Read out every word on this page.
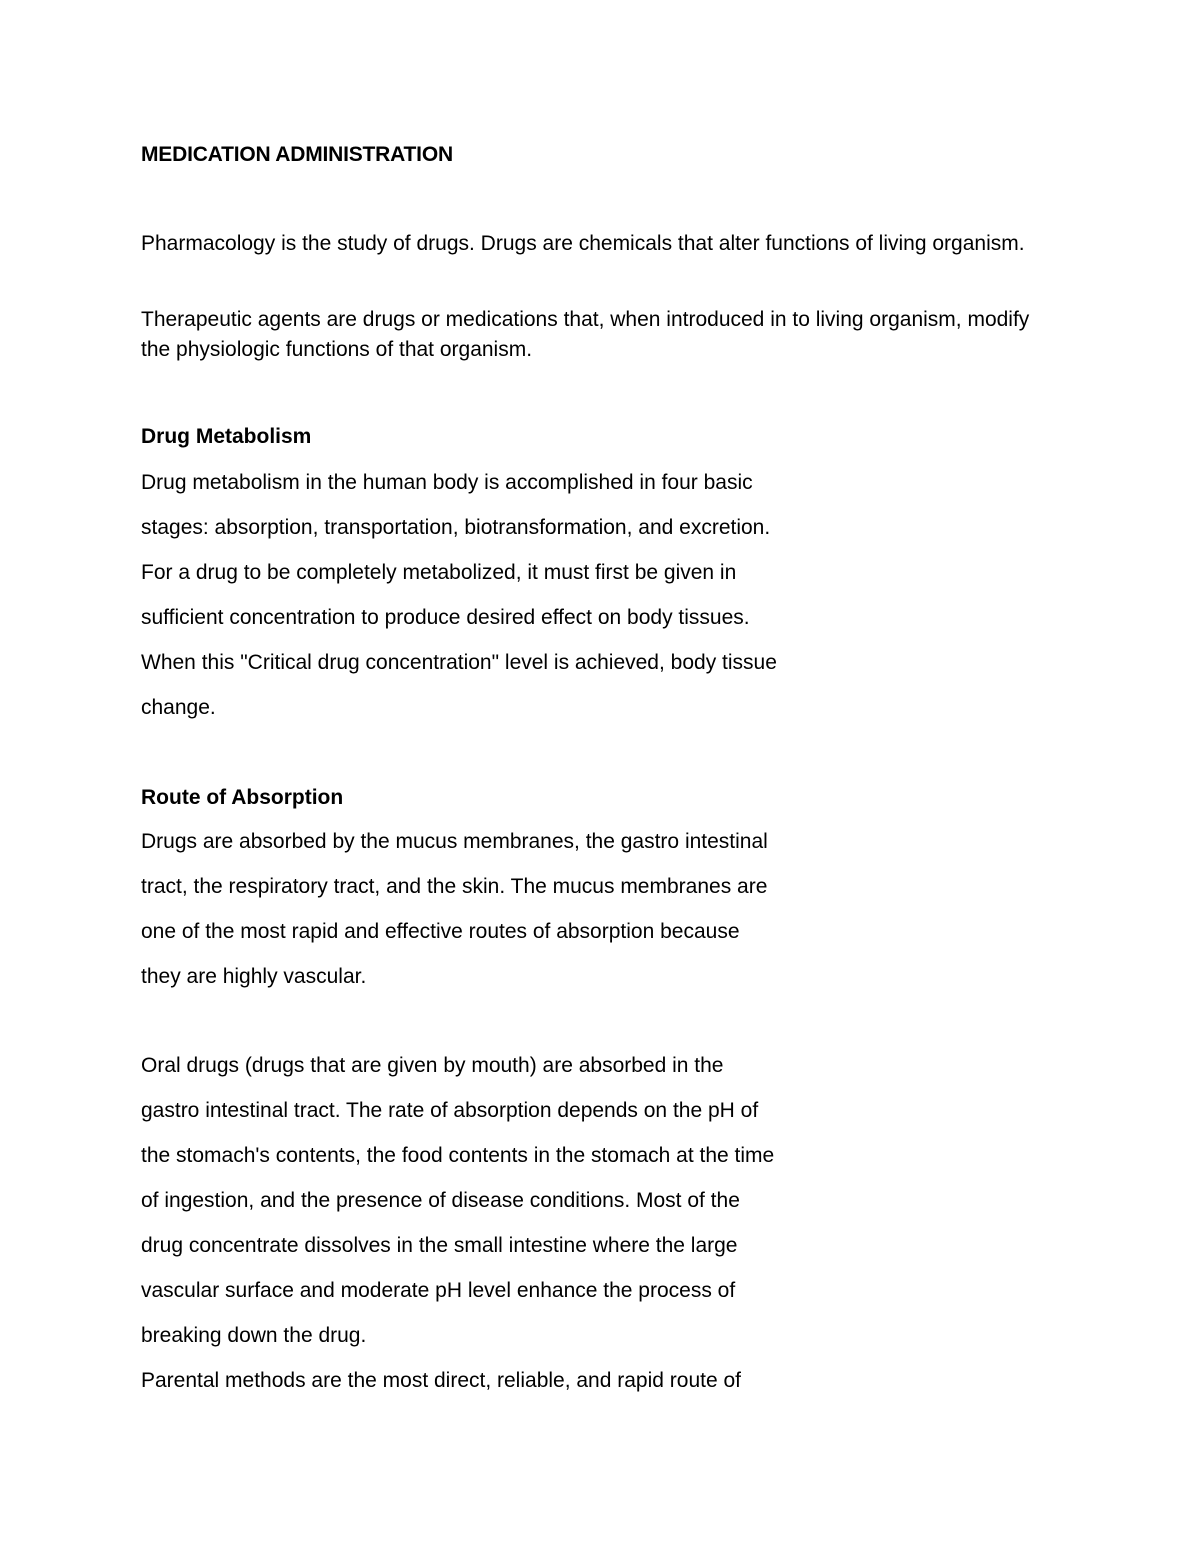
MEDICATION ADMINISTRATION

Pharmacology is the study of drugs. Drugs are chemicals that alter functions of living organism.

Therapeutic agents are drugs or medications that, when introduced in to living organism, modify the physiologic functions of that organism.

Drug Metabolism
Drug metabolism in the human body is accomplished in four basic
stages: absorption, transportation, biotransformation, and excretion.
For a drug to be completely metabolized, it must first be given in
sufficient concentration to produce desired effect on body tissues.
When this "Critical drug concentration" level is achieved, body tissue
change.
Route of Absorption
Drugs are absorbed by the mucus membranes, the gastro intestinal
tract, the respiratory tract, and the skin. The mucus membranes are
one of the most rapid and effective routes of absorption because
they are highly vascular.
Oral drugs (drugs that are given by mouth) are absorbed in the
gastro intestinal tract. The rate of absorption depends on the pH of
the stomach's contents, the food contents in the stomach at the time
of ingestion, and the presence of disease conditions. Most of the
drug concentrate dissolves in the small intestine where the large
vascular surface and moderate pH level enhance the process of
breaking down the drug.
Parental methods are the most direct, reliable, and rapid route of
